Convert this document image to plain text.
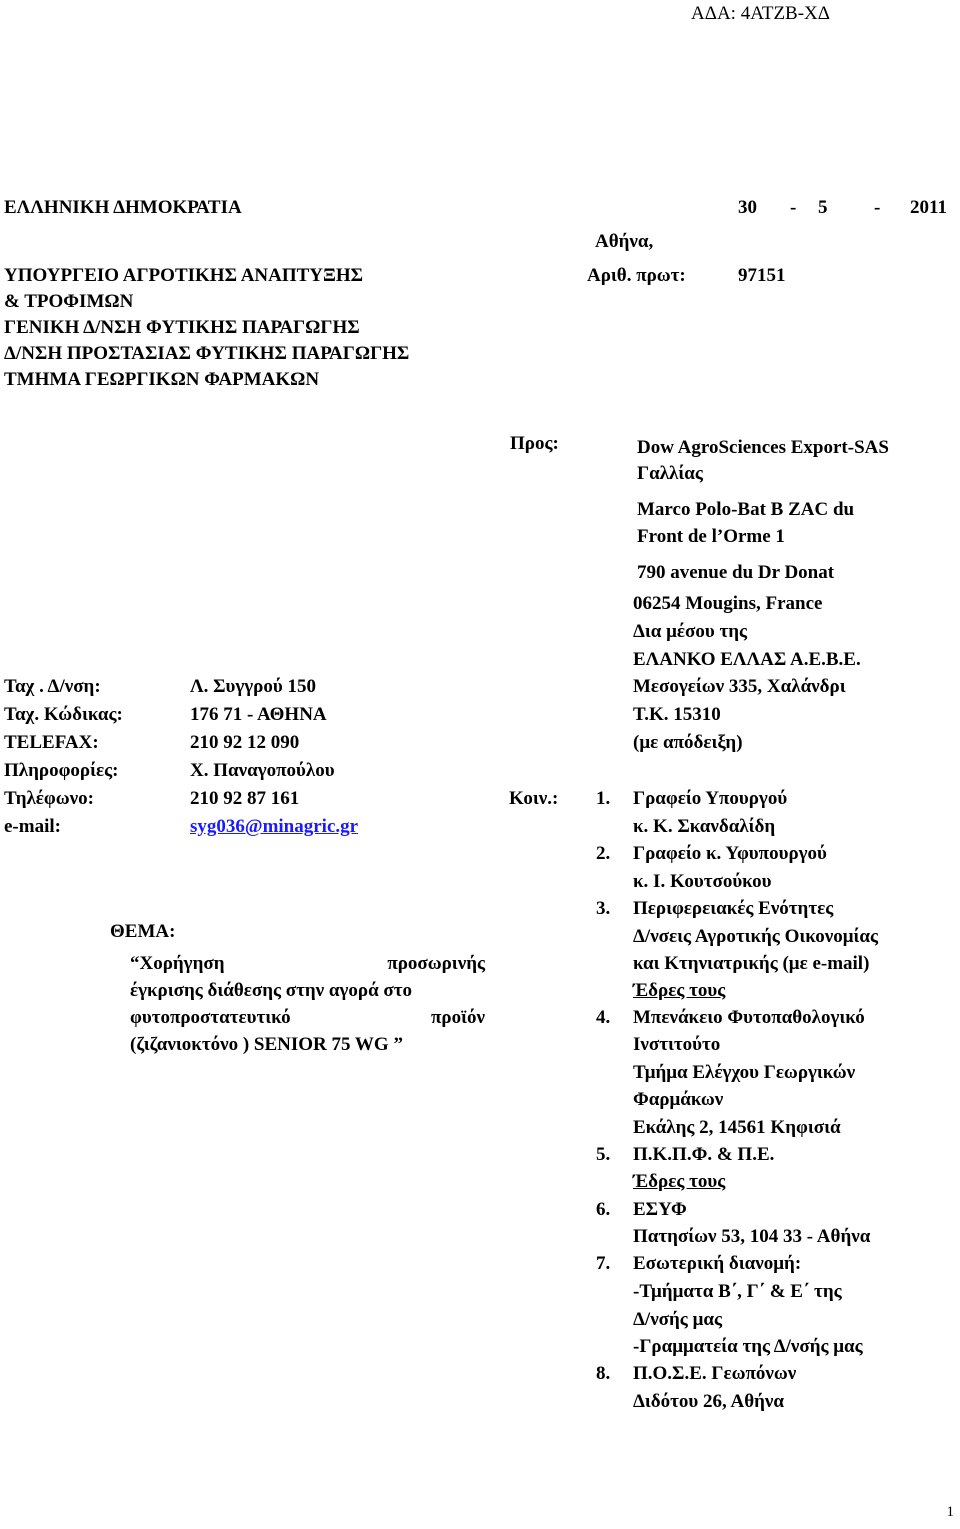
ΑΔΑ: 4ΑΤΖΒ-ΧΔ
ΕΛΛΗΝΙΚΗ ΔΗΜΟΚΡΑΤΙΑ
ΥΠΟΥΡΓΕΙΟ ΑΓΡΟΤΙΚΗΣ ΑΝΑΠΤΥΞΗΣ
& ΤΡΟΦΙΜΩΝ
ΓΕΝΙΚΗ Δ/ΝΣΗ ΦΥΤΙΚΗΣ ΠΑΡΑΓΩΓΗΣ
Δ/ΝΣΗ ΠΡΟΣΤΑΣΙΑΣ ΦΥΤΙΚΗΣ ΠΑΡΑΓΩΓΗΣ
ΤΜΗΜΑ ΓΕΩΡΓΙΚΩΝ ΦΑΡΜΑΚΩΝ
30 - 5 - 2011
Αθήνα,
Αριθ. πρωτ:	97151
Προς:	Dow AgroSciences Export-SAS
Γαλλίας
Marco Polo-Bat B ZAC du
Front de l’Orme 1
790 avenue du Dr Donat
06254 Mougins, France
Δια μέσου της
ΕΛΑΝΚΟ ΕΛΛΑΣ Α.Ε.Β.Ε.
Μεσογείων 335, Χαλάνδρι
Τ.Κ. 15310
(με απόδειξη)
Ταχ . Δ/νση:	Λ. Συγγρού 150
Ταχ. Κώδικας:	176 71 - ΑΘΗΝΑ
TELEFAX:	210 92 12 090
Πληροφορίες:	Χ. Παναγοπούλου
Τηλέφωνο:	210 92 87 161
e-mail:	syg036@minagric.gr
ΘΕΜΑ:
“Χορήγηση προσωρινής
έγκρισης διάθεσης στην αγορά στο
φυτοπροστατευτικό προϊόν
(ζιζανιοκτόνο ) SENIOR 75 WG ”
Κοιν.: 1. Γραφείο Υπουργού
κ. Κ. Σκανδαλίδη
2. Γραφείο κ. Υφυπουργού
κ. Ι. Κουτσούκου
3. Περιφερειακές Ενότητες
Δ/νσεις Αγροτικής Οικονομίας
και Κτηνιατρικής (με e-mail)
Έδρες τους
4. Μπενάκειο Φυτοπαθολογικό
Ινστιτούτο
Τμήμα Ελέγχου Γεωργικών
Φαρμάκων
Εκάλης 2, 14561 Κηφισιά
5. Π.Κ.Π.Φ. & Π.Ε.
Έδρες τους
6. ΕΣΥΦ
Πατησίων 53, 104 33 - Αθήνα
7. Εσωτερική διανομή:
-Τμήματα Β΄, Γ΄ & Ε΄ της
Δ/νσής μας
-Γραμματεία της Δ/νσής μας
8. Π.Ο.Σ.Ε. Γεωπόνων
Διδότου 26, Αθήνα
1
